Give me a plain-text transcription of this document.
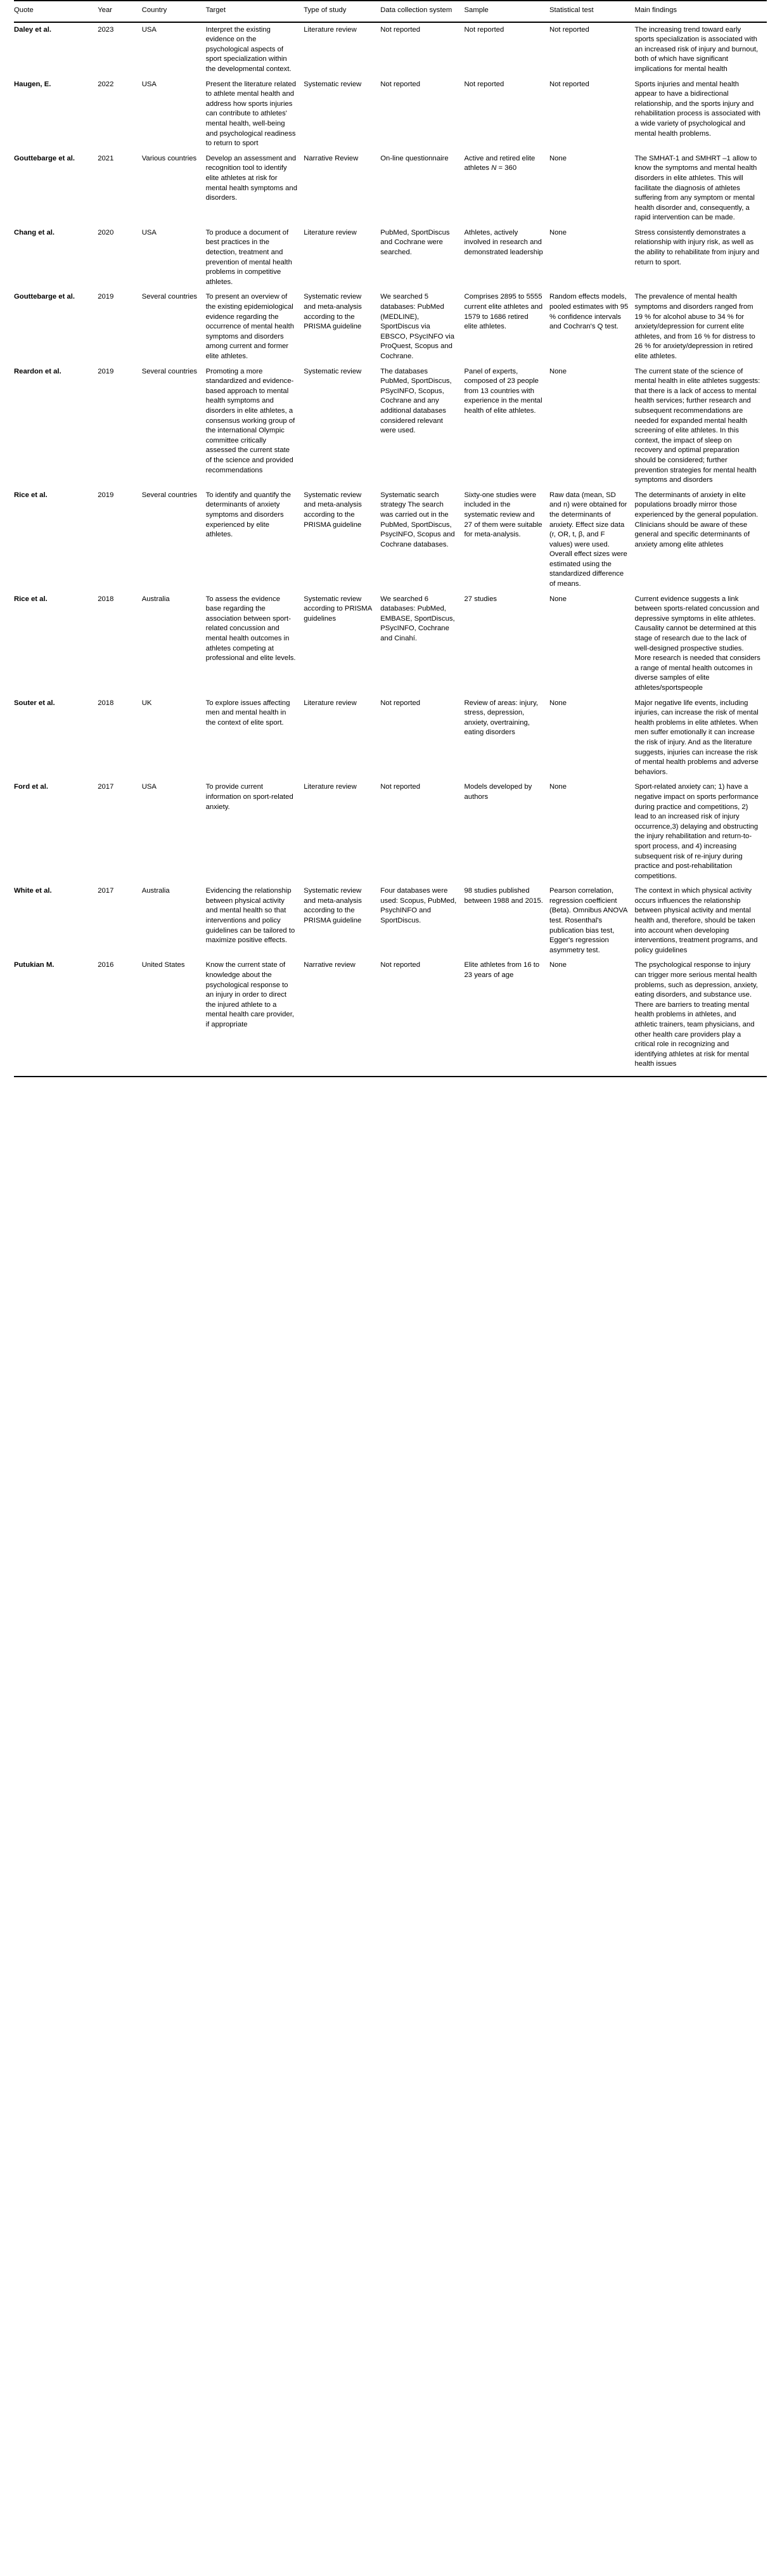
Quote	Year	Country	Target	Type of study	Data collection system	Sample	Statistical test	Main findings
Daley et al.	2023	USA	Interpret the existing evidence on the psychological aspects of sport specialization within the developmental context.	Literature review	Not reported	Not reported	Not reported	The increasing trend toward early sports specialization is associated with an increased risk of injury and burnout, both of which have significant implications for mental health
Haugen, E.	2022	USA	Present the literature related to athlete mental health and address how sports injuries can contribute to athletes' mental health, well-being and psychological readiness to return to sport	Systematic review	Not reported	Not reported	Not reported	Sports injuries and mental health appear to have a bidirectional relationship, and the sports injury and rehabilitation process is associated with a wide variety of psychological and mental health problems.
Gouttebarge et al.	2021	Various countries	Develop an assessment and recognition tool to identify elite athletes at risk for mental health symptoms and disorders.	Narrative Review	On-line questionnaire	Active and retired elite athletes N = 360	None	The SMHAT-1 and SMHRT –1 allow to know the symptoms and mental health disorders in elite athletes. This will facilitate the diagnosis of athletes suffering from any symptom or mental health disorder and, consequently, a rapid intervention can be made.
Chang et al.	2020	USA	To produce a document of best practices in the detection, treatment and prevention of mental health problems in competitive athletes.	Literature review	PubMed, SportDiscus and Cochrane were searched.	Athletes, actively involved in research and demonstrated leadership	None	Stress consistently demonstrates a relationship with injury risk, as well as the ability to rehabilitate from injury and return to sport.
Gouttebarge et al.	2019	Several countries	To present an overview of the existing epidemiological evidence regarding the occurrence of mental health symptoms and disorders among current and former elite athletes.	Systematic review and meta-analysis according to the PRISMA guideline	We searched 5 databases: PubMed (MEDLINE), SportDiscus via EBSCO, PSycINFO via ProQuest, Scopus and Cochrane.	Comprises 2895 to 5555 current elite athletes and 1579 to 1686 retired elite athletes.	Random effects models, pooled estimates with 95 % confidence intervals and Cochran's Q test.	The prevalence of mental health symptoms and disorders ranged from 19 % for alcohol abuse to 34 % for anxiety/depression for current elite athletes, and from 16 % for distress to 26 % for anxiety/depression in retired elite athletes.
Reardon et al.	2019	Several countries	Promoting a more standardized and evidence-based approach to mental health symptoms and disorders in elite athletes, a consensus working group of the international Olympic committee critically assessed the current state of the science and provided recommendations	Systematic review	The databases PubMed, SportDiscus, PSycINFO, Scopus, Cochrane and any additional databases considered relevant were used.	Panel of experts, composed of 23 people from 13 countries with experience in the mental health of elite athletes.	None	The current state of the science of mental health in elite athletes suggests: that there is a lack of access to mental health services; further research and subsequent recommendations are needed for expanded mental health screening of elite athletes. In this context, the impact of sleep on recovery and optimal preparation should be considered; further prevention strategies for mental health symptoms and disorders
Rice et al.	2019	Several countries	To identify and quantify the determinants of anxiety symptoms and disorders experienced by elite athletes.	Systematic review and meta-analysis according to the PRISMA guideline	Systematic search strategy The search was carried out in the PubMed, SportDiscus, PsycINFO, Scopus and Cochrane databases.	Sixty-one studies were included in the systematic review and 27 of them were suitable for meta-analysis.	Raw data (mean, SD and n) were obtained for the determinants of anxiety. Effect size data (r, OR, t, β, and F values) were used. Overall effect sizes were estimated using the standardized difference of means.	The determinants of anxiety in elite populations broadly mirror those experienced by the general population. Clinicians should be aware of these general and specific determinants of anxiety among elite athletes
Rice et al.	2018	Australia	To assess the evidence base regarding the association between sport-related concussion and mental health outcomes in athletes competing at professional and elite levels.	Systematic review according to PRISMA guidelines	We searched 6 databases: PubMed, EMBASE, SportDiscus, PSycINFO, Cochrane and Cinahí.	27 studies	None	Current evidence suggests a link between sports-related concussion and depressive symptoms in elite athletes. Causality cannot be determined at this stage of research due to the lack of well-designed prospective studies. More research is needed that considers a range of mental health outcomes in diverse samples of elite athletes/sportspeople
Souter et al.	2018	UK	To explore issues affecting men and mental health in the context of elite sport.	Literature review	Not reported	Review of areas: injury, stress, depression, anxiety, overtraining, eating disorders	None	Major negative life events, including injuries, can increase the risk of mental health problems in elite athletes. When men suffer emotionally it can increase the risk of injury. And as the literature suggests, injuries can increase the risk of mental health problems and adverse behaviors.
Ford et al.	2017	USA	To provide current information on sport-related anxiety.	Literature review	Not reported	Models developed by authors	None	Sport-related anxiety can; 1) have a negative impact on sports performance during practice and competitions, 2) lead to an increased risk of injury occurrence,3) delaying and obstructing the injury rehabilitation and return-to-sport process, and 4) increasing subsequent risk of re-injury during practice and post-rehabilitation competitions.
White et al.	2017	Australia	Evidencing the relationship between physical activity and mental health so that interventions and policy guidelines can be tailored to maximize positive effects.	Systematic review and meta-analysis according to the PRISMA guideline	Four databases were used: Scopus, PubMed, PsychINFO and SportDiscus.	98 studies published between 1988 and 2015.	Pearson correlation, regression coefficient (Beta). Omnibus ANOVA test. Rosenthal's publication bias test, Egger's regression asymmetry test.	The context in which physical activity occurs influences the relationship between physical activity and mental health and, therefore, should be taken into account when developing interventions, treatment programs, and policy guidelines
Putukian M.	2016	United States	Know the current state of knowledge about the psychological response to an injury in order to direct the injured athlete to a mental health care provider, if appropriate	Narrative review	Not reported	Elite athletes from 16 to 23 years of age	None	The psychological response to injury can trigger more serious mental health problems, such as depression, anxiety, eating disorders, and substance use. There are barriers to treating mental health problems in athletes, and athletic trainers, team physicians, and other health care providers play a critical role in recognizing and identifying athletes at risk for mental health issues
